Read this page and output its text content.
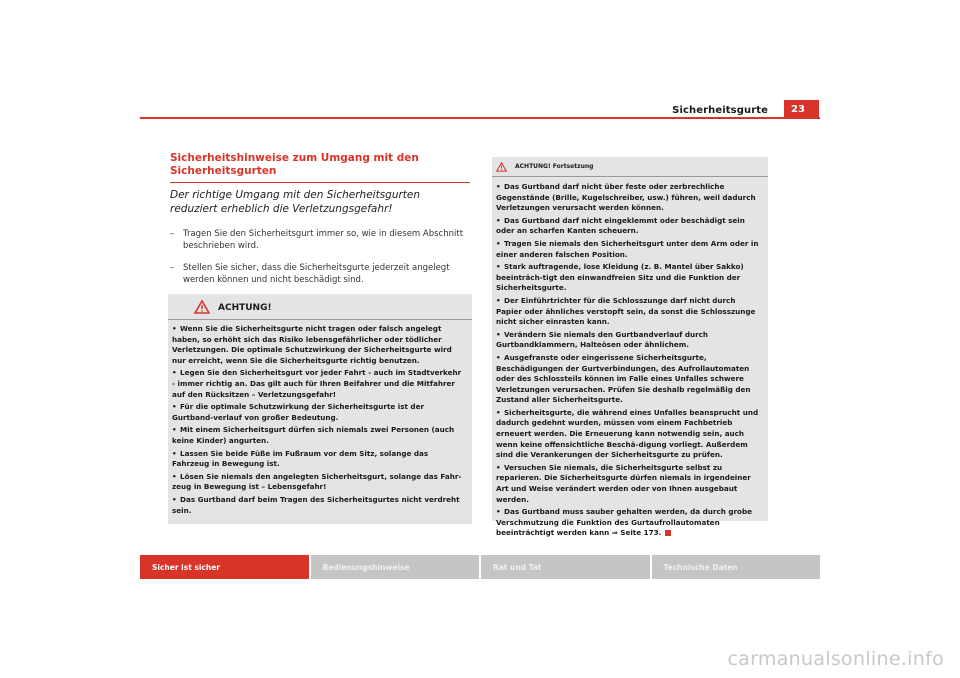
Sicherheitsgurte	23
Sicherheitshinweise zum Umgang mit den Sicherheitsgurten
Der richtige Umgang mit den Sicherheitsgurten reduziert erheblich die Verletzungsgefahr!
– Tragen Sie den Sicherheitsgurt immer so, wie in diesem Abschnitt beschrieben wird.
– Stellen Sie sicher, dass die Sicherheitsgurte jederzeit angelegt werden können und nicht beschädigt sind.
ACHTUNG!
• Wenn Sie die Sicherheitsgurte nicht tragen oder falsch angelegt haben, so erhöht sich das Risiko lebensgefährlicher oder tödlicher Verletzungen. Die optimale Schutzwirkung der Sicherheitsgurte wird nur erreicht, wenn Sie die Sicherheitsgurte richtig benutzen.
• Legen Sie den Sicherheitsgurt vor jeder Fahrt - auch im Stadtverkehr - immer richtig an. Das gilt auch für Ihren Beifahrer und die Mitfahrer auf den Rücksitzen – Verletzungsgefahr!
• Für die optimale Schutzwirkung der Sicherheitsgurte ist der Gurtband-verlauf von großer Bedeutung.
• Mit einem Sicherheitsgurt dürfen sich niemals zwei Personen (auch keine Kinder) angurten.
• Lassen Sie beide Füße im Fußraum vor dem Sitz, solange das Fahrzeug in Bewegung ist.
• Lösen Sie niemals den angelegten Sicherheitsgurt, solange das Fahr-zeug in Bewegung ist – Lebensgefahr!
• Das Gurtband darf beim Tragen des Sicherheitsgurtes nicht verdreht sein.
ACHTUNG! Fortsetzung
• Das Gurtband darf nicht über feste oder zerbrechliche Gegenstände (Brille, Kugelschreiber, usw.) führen, weil dadurch Verletzungen verursacht werden können.
• Das Gurtband darf nicht eingeklemmt oder beschädigt sein oder an scharfen Kanten scheuern.
• Tragen Sie niemals den Sicherheitsgurt unter dem Arm oder in einer anderen falschen Position.
• Stark auftragende, lose Kleidung (z. B. Mantel über Sakko) beeinträch-tigt den einwandfreien Sitz und die Funktion der Sicherheitsgurte.
• Der Einführtrichter für die Schlosszunge darf nicht durch Papier oder ähnliches verstopft sein, da sonst die Schlosszunge nicht sicher einrasten kann.
• Verändern Sie niemals den Gurtbandverlauf durch Gurtbandklammern, Halteösen oder ähnlichem.
• Ausgefranste oder eingerissene Sicherheitsgurte, Beschädigungen der Gurtverbindungen, des Aufrollautomaten oder des Schlossteils können im Falle eines Unfalles schwere Verletzungen verursachen. Prüfen Sie deshalb regelmäßig den Zustand aller Sicherheitsgurte.
• Sicherheitsgurte, die während eines Unfalles beansprucht und dadurch gedehnt wurden, müssen vom einem Fachbetrieb erneuert werden. Die Erneuerung kann notwendig sein, auch wenn keine offensichtliche Beschä-digung vorliegt. Außerdem sind die Verankerungen der Sicherheitsgurte zu prüfen.
• Versuchen Sie niemals, die Sicherheitsgurte selbst zu reparieren. Die Sicherheitsgurte dürfen niemals in irgendeiner Art und Weise verändert werden oder von Ihnen ausgebaut werden.
• Das Gurtband muss sauber gehalten werden, da durch grobe Verschmutzung die Funktion des Gurtaufrollautomaten beeinträchtigt werden kann ⇒ Seite 173.
Sicher ist sicher	Bedienungshinweise	Rat und Tat	Technische Daten
carmanualsonline.info
